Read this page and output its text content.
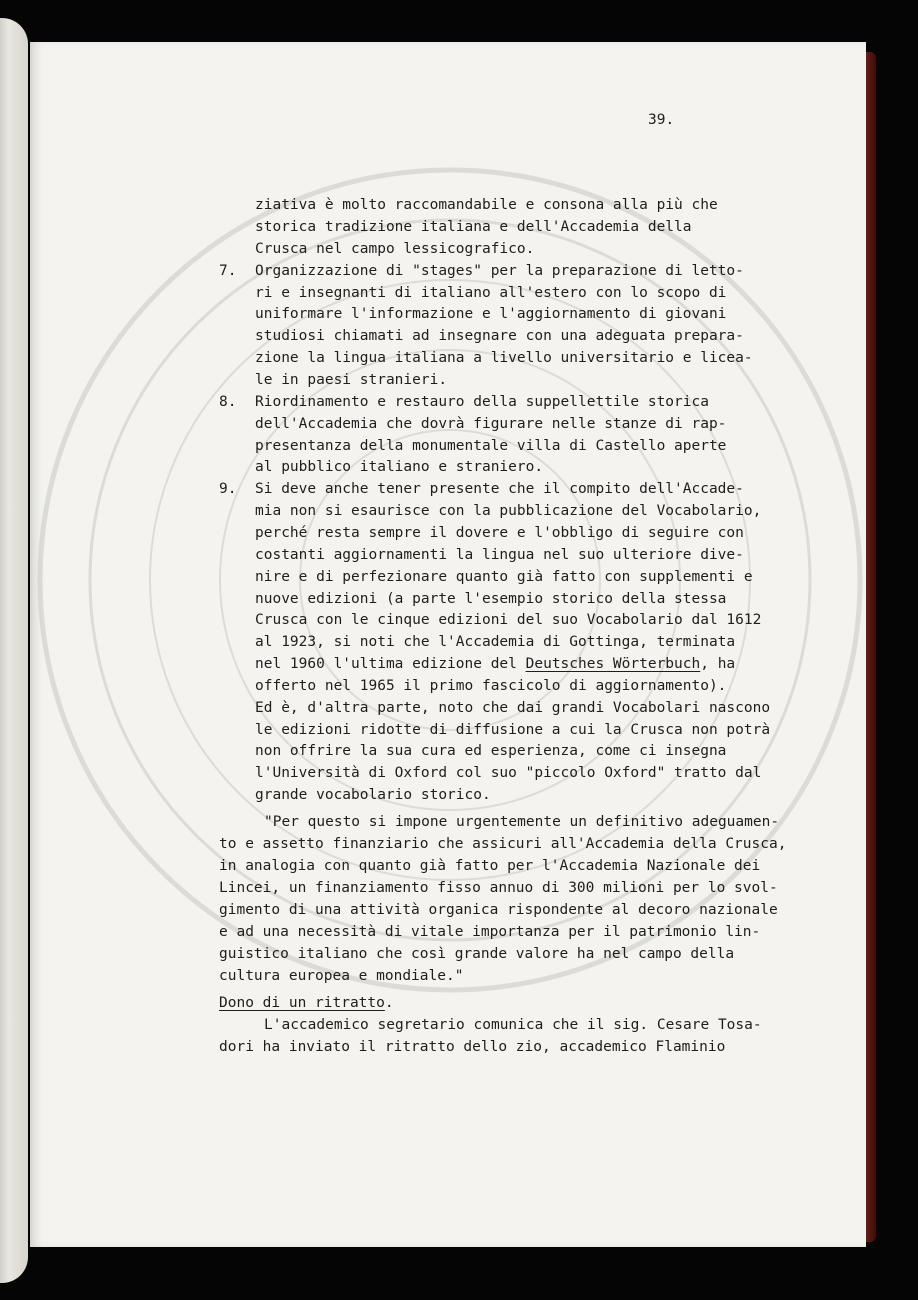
39.
ziativa è molto raccomandabile e consona alla più che
storica tradizione italiana e dell'Accademia della
Crusca nel campo lessicografico.
7. Organizzazione di "stages" per la preparazione di letto-
ri e insegnanti di italiano all'estero con lo scopo di
uniformare l'informazione e l'aggiornamento di giovani
studiosi chiamati ad insegnare con una adeguata prepara-
zione la lingua italiana a livello universitario e licea-
le in paesi stranieri.
8. Riordinamento e restauro della suppellettile storica
dell'Accademia che dovrà figurare nelle stanze di rap-
presentanza della monumentale villa di Castello aperte
al pubblico italiano e straniero.
9. Si deve anche tener presente che il compito dell'Accade-
mia non si esaurisce con la pubblicazione del Vocabolario,
perché resta sempre il dovere e l'obbligo di seguire con
costanti aggiornamenti la lingua nel suo ulteriore dive-
nire e di perfezionare quanto già fatto con supplementi e
nuove edizioni (a parte l'esempio storico della stessa
Crusca con le cinque edizioni del suo Vocabolario dal 1612
al 1923, si noti che l'Accademia di Gottinga, terminata
nel 1960 l'ultima edizione del Deutsches Wörterbuch, ha
offerto nel 1965 il primo fascicolo di aggiornamento).
Ed è, d'altra parte, noto che dai grandi Vocabolari nascono
le edizioni ridotte di diffusione a cui la Crusca non potrà
non offrire la sua cura ed esperienza, come ci insegna
l'Università di Oxford col suo "piccolo Oxford" tratto dal
grande vocabolario storico.
"Per questo si impone urgentemente un definitivo adeguamen-
to e assetto finanziario che assicuri all'Accademia della Crusca,
in analogia con quanto già fatto per l'Accademia Nazionale dei
Lincei, un finanziamento fisso annuo di 300 milioni per lo svol-
gimento di una attività organica rispondente al decoro nazionale
e ad una necessità di vitale importanza per il patrimonio lin-
guistico italiano che così grande valore ha nel campo della
cultura europea e mondiale."
Dono di un ritratto.
L'accademico segretario comunica che il sig. Cesare Tosa-
dori ha inviato il ritratto dello zio, accademico Flaminio
